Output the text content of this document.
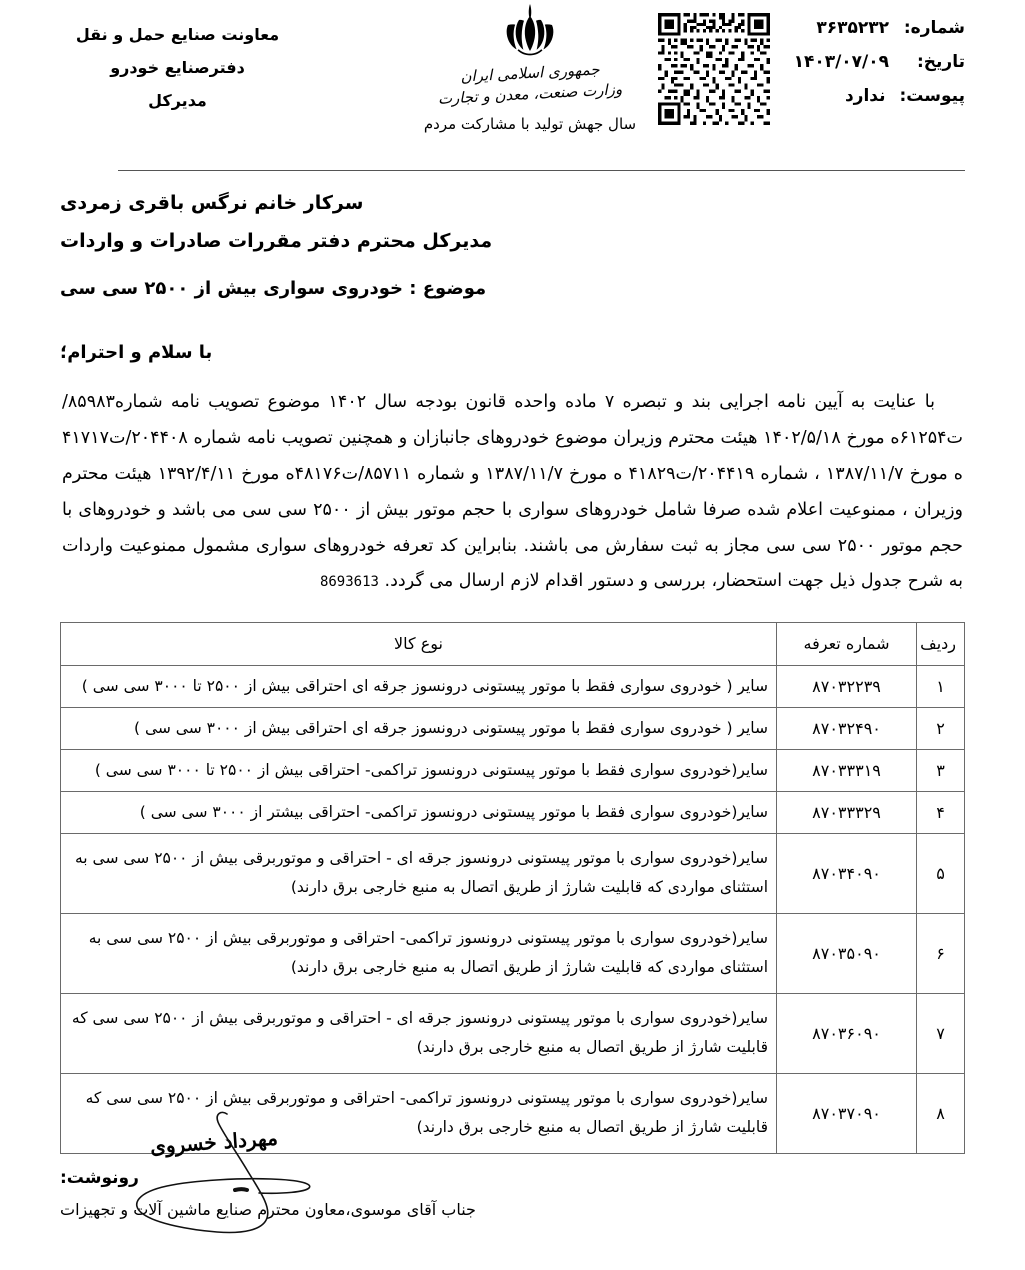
شماره:
۳۶۳۵۲۳۲
تاریخ:
۱۴۰۳/۰۷/۰۹
پیوست:
ندارد
جمهوری اسلامی ایران
وزارت صنعت، معدن و تجارت
سال جهش تولید با مشارکت مردم
معاونت صنایع حمل و نقل
دفترصنایع خودرو
مدیرکل
سرکار خانم نرگس باقری زمردی
مدیرکل محترم دفتر مقررات صادرات و واردات
موضوع : خودروی سواری بیش از ۲۵۰۰ سی سی
با سلام و احترام؛
با عنایت به آیین نامه اجرایی بند و تبصره ۷ ماده واحده قانون بودجه سال ۱۴۰۲ موضوع تصویب نامه شماره۸۵۹۸۳/ت۶۱۲۵۴ه مورخ ۱۴۰۲/۵/۱۸ هیئت محترم وزیران موضوع خودروهای جانبازان و همچنین تصویب نامه شماره ۲۰۴۴۰۸/ت۴۱۷۱۷ ه مورخ ۱۳۸۷/۱۱/۷ ، شماره ۲۰۴۴۱۹/ت۴۱۸۲۹ ه مورخ ۱۳۸۷/۱۱/۷ و شماره ۸۵۷۱۱/ت۴۸۱۷۶ه مورخ ۱۳۹۲/۴/۱۱ هیئت محترم وزیران ، ممنوعیت اعلام شده صرفا شامل خودروهای سواری با حجم موتور بیش از ۲۵۰۰ سی سی می باشد و خودروهای با حجم موتور ۲۵۰۰ سی سی مجاز به ثبت سفارش می باشند. بنابراین کد تعرفه خودروهای سواری مشمول ممنوعیت واردات به شرح جدول ذیل جهت استحضار، بررسی و دستور اقدام لازم ارسال می گردد. 8693613
ردیف	شماره تعرفه	نوع کالا
۱	۸۷۰۳۲۲۳۹	سایر ( خودروی سواری فقط با موتور پیستونی درونسوز جرقه ای احتراقی بیش از ۲۵۰۰ تا ۳۰۰۰ سی سی )
۲	۸۷۰۳۲۴۹۰	سایر ( خودروی سواری فقط با موتور پیستونی درونسوز جرقه ای احتراقی بیش از ۳۰۰۰ سی سی )
۳	۸۷۰۳۳۳۱۹	سایر(خودروی سواری فقط با موتور پیستونی درونسوز تراکمی- احتراقی بیش از ۲۵۰۰ تا ۳۰۰۰ سی سی )
۴	۸۷۰۳۳۳۲۹	سایر(خودروی سواری فقط با موتور پیستونی درونسوز تراکمی- احتراقی بیشتر از ۳۰۰۰ سی سی )
۵	۸۷۰۳۴۰۹۰	سایر(خودروی سواری با موتور پیستونی درونسوز جرقه ای - احتراقی و موتوربرقی بیش از ۲۵۰۰ سی سی به استثنای مواردی که قابلیت شارژ از طریق اتصال به منبع خارجی برق دارند)
۶	۸۷۰۳۵۰۹۰	سایر(خودروی سواری با موتور پیستونی درونسوز تراکمی- احتراقی و موتوربرقی بیش از ۲۵۰۰ سی سی به استثنای مواردی که قابلیت شارژ از طریق اتصال به منبع خارجی برق دارند)
۷	۸۷۰۳۶۰۹۰	سایر(خودروی سواری با موتور پیستونی درونسوز جرقه ای - احتراقی و موتوربرقی بیش از ۲۵۰۰ سی سی که قابلیت شارژ از طریق اتصال به منبع خارجی برق دارند)
۸	۸۷۰۳۷۰۹۰	سایر(خودروی سواری با موتور پیستونی درونسوز تراکمی- احتراقی و موتوربرقی بیش از ۲۵۰۰ سی سی که قابلیت شارژ از طریق اتصال به منبع خارجی برق دارند)
مهرداد خسروی
رونوشت:
جناب آقای موسوی،معاون محترم صنایع ماشین آلات و تجهیزات
